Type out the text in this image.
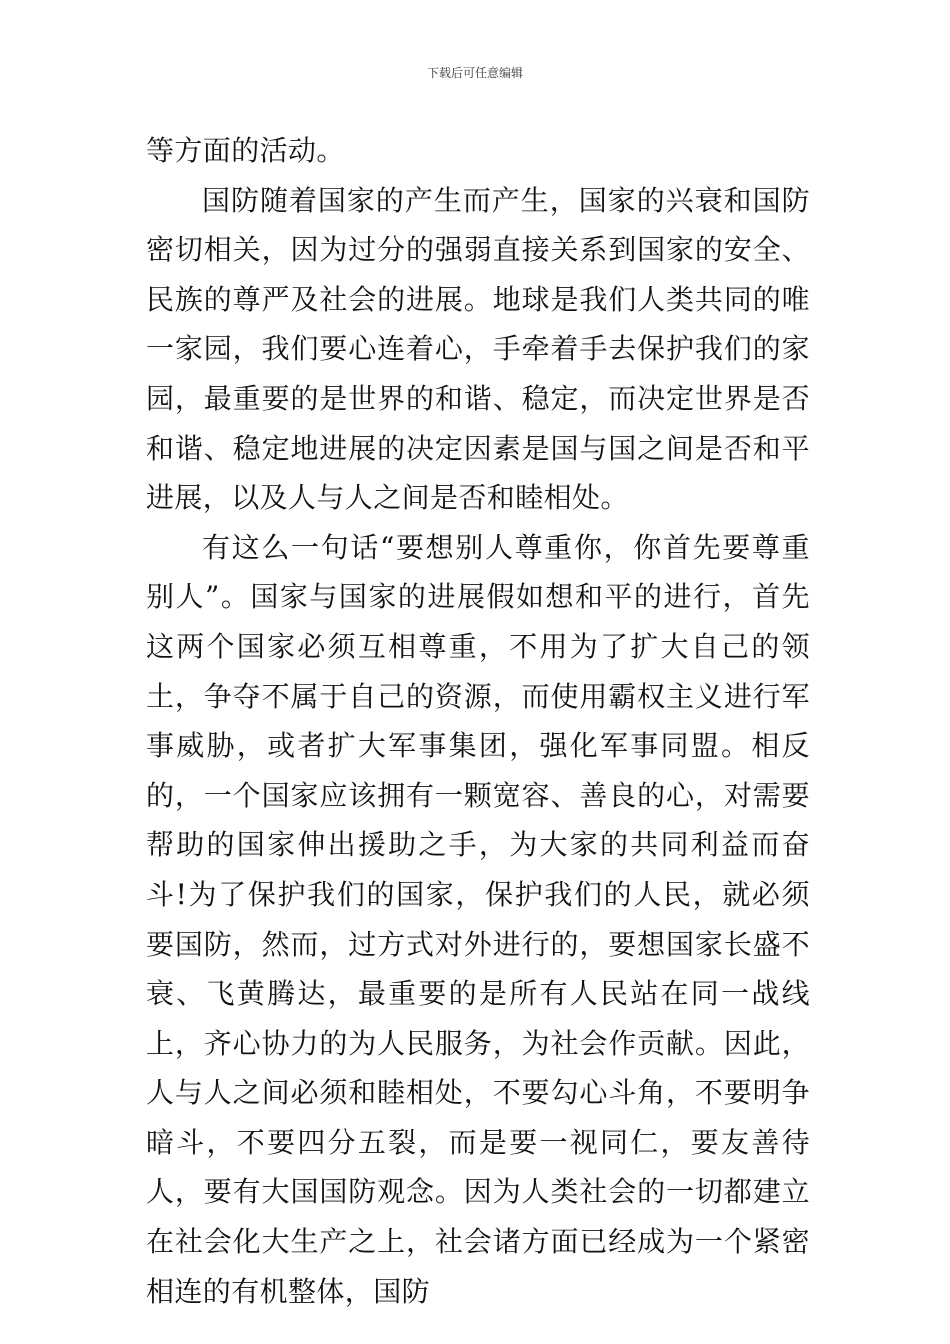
下载后可任意编辑

等方面的活动。

国防随着国家的产生而产生，国家的兴衰和国防密切相关，因为过分的强弱直接关系到国家的安全、民族的尊严及社会的进展。地球是我们人类共同的唯一家园，我们要心连着心，手牵着手去保护我们的家园，最重要的是世界的和谐、稳定，而决定世界是否和谐、稳定地进展的决定因素是国与国之间是否和平进展，以及人与人之间是否和睦相处。

有这么一句话“要想别人尊重你，你首先要尊重别人”。国家与国家的进展假如想和平的进行，首先这两个国家必须互相尊重，不用为了扩大自己的领土，争夺不属于自己的资源，而使用霸权主义进行军事威胁，或者扩大军事集团，强化军事同盟。相反的，一个国家应该拥有一颗宽容、善良的心，对需要帮助的国家伸出援助之手，为大家的共同利益而奋斗!为了保护我们的国家，保护我们的人民，就必须要国防，然而，过方式对外进行的，要想国家长盛不衰、飞黄腾达，最重要的是所有人民站在同一战线上，齐心协力的为人民服务，为社会作贡献。因此，人与人之间必须和睦相处，不要勾心斗角，不要明争暗斗，不要四分五裂，而是要一视同仁，要友善待人，要有大国国防观念。因为人类社会的一切都建立在社会化大生产之上，社会诸方面已经成为一个紧密相连的有机整体，国防
